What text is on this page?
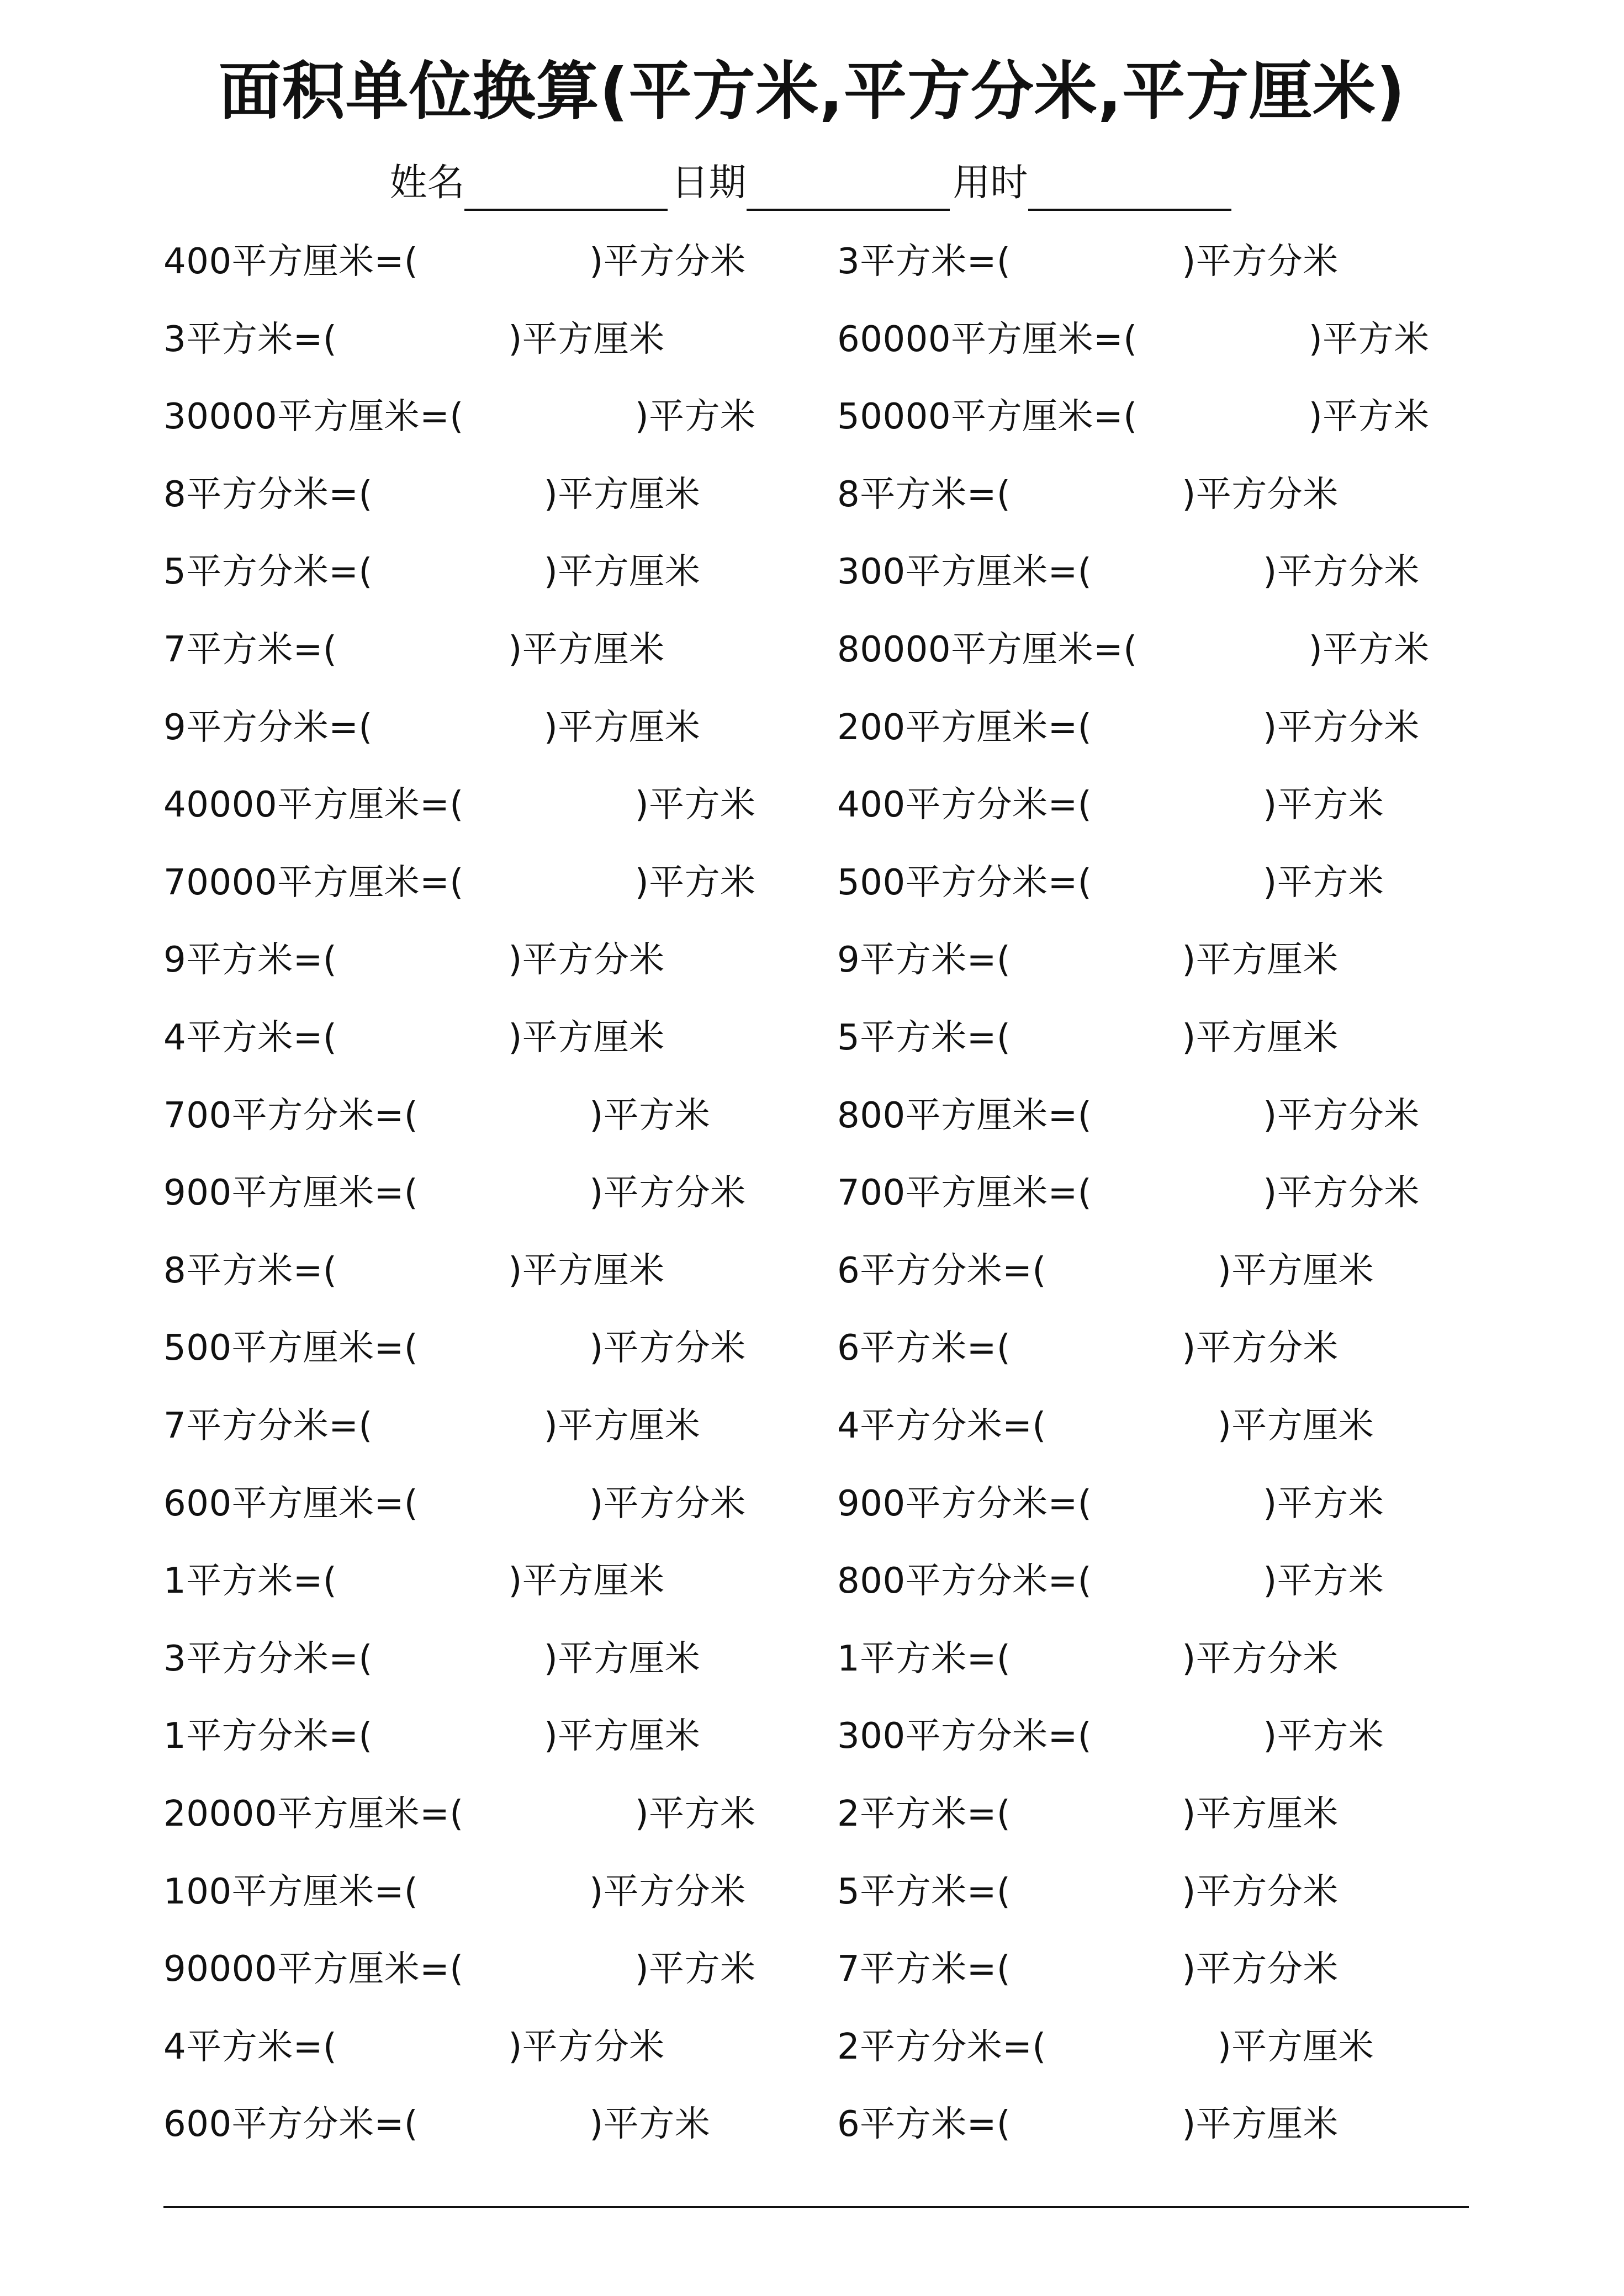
面积单位换算(平方米,平方分米,平方厘米)
姓名	日期	用时
400平方厘米=(	)平方分米
3平方米=(	)平方厘米
30000平方厘米=(	)平方米
8平方分米=(	)平方厘米
5平方分米=(	)平方厘米
7平方米=(	)平方厘米
9平方分米=(	)平方厘米
40000平方厘米=(	)平方米
70000平方厘米=(	)平方米
9平方米=(	)平方分米
4平方米=(	)平方厘米
700平方分米=(	)平方米
900平方厘米=(	)平方分米
8平方米=(	)平方厘米
500平方厘米=(	)平方分米
7平方分米=(	)平方厘米
600平方厘米=(	)平方分米
1平方米=(	)平方厘米
3平方分米=(	)平方厘米
1平方分米=(	)平方厘米
20000平方厘米=(	)平方米
100平方厘米=(	)平方分米
90000平方厘米=(	)平方米
4平方米=(	)平方分米
600平方分米=(	)平方米
3平方米=(	)平方分米
60000平方厘米=(	)平方米
50000平方厘米=(	)平方米
8平方米=(	)平方分米
300平方厘米=(	)平方分米
80000平方厘米=(	)平方米
200平方厘米=(	)平方分米
400平方分米=(	)平方米
500平方分米=(	)平方米
9平方米=(	)平方厘米
5平方米=(	)平方厘米
800平方厘米=(	)平方分米
700平方厘米=(	)平方分米
6平方分米=(	)平方厘米
6平方米=(	)平方分米
4平方分米=(	)平方厘米
900平方分米=(	)平方米
800平方分米=(	)平方米
1平方米=(	)平方分米
300平方分米=(	)平方米
2平方米=(	)平方厘米
5平方米=(	)平方分米
7平方米=(	)平方分米
2平方分米=(	)平方厘米
6平方米=(	)平方厘米
